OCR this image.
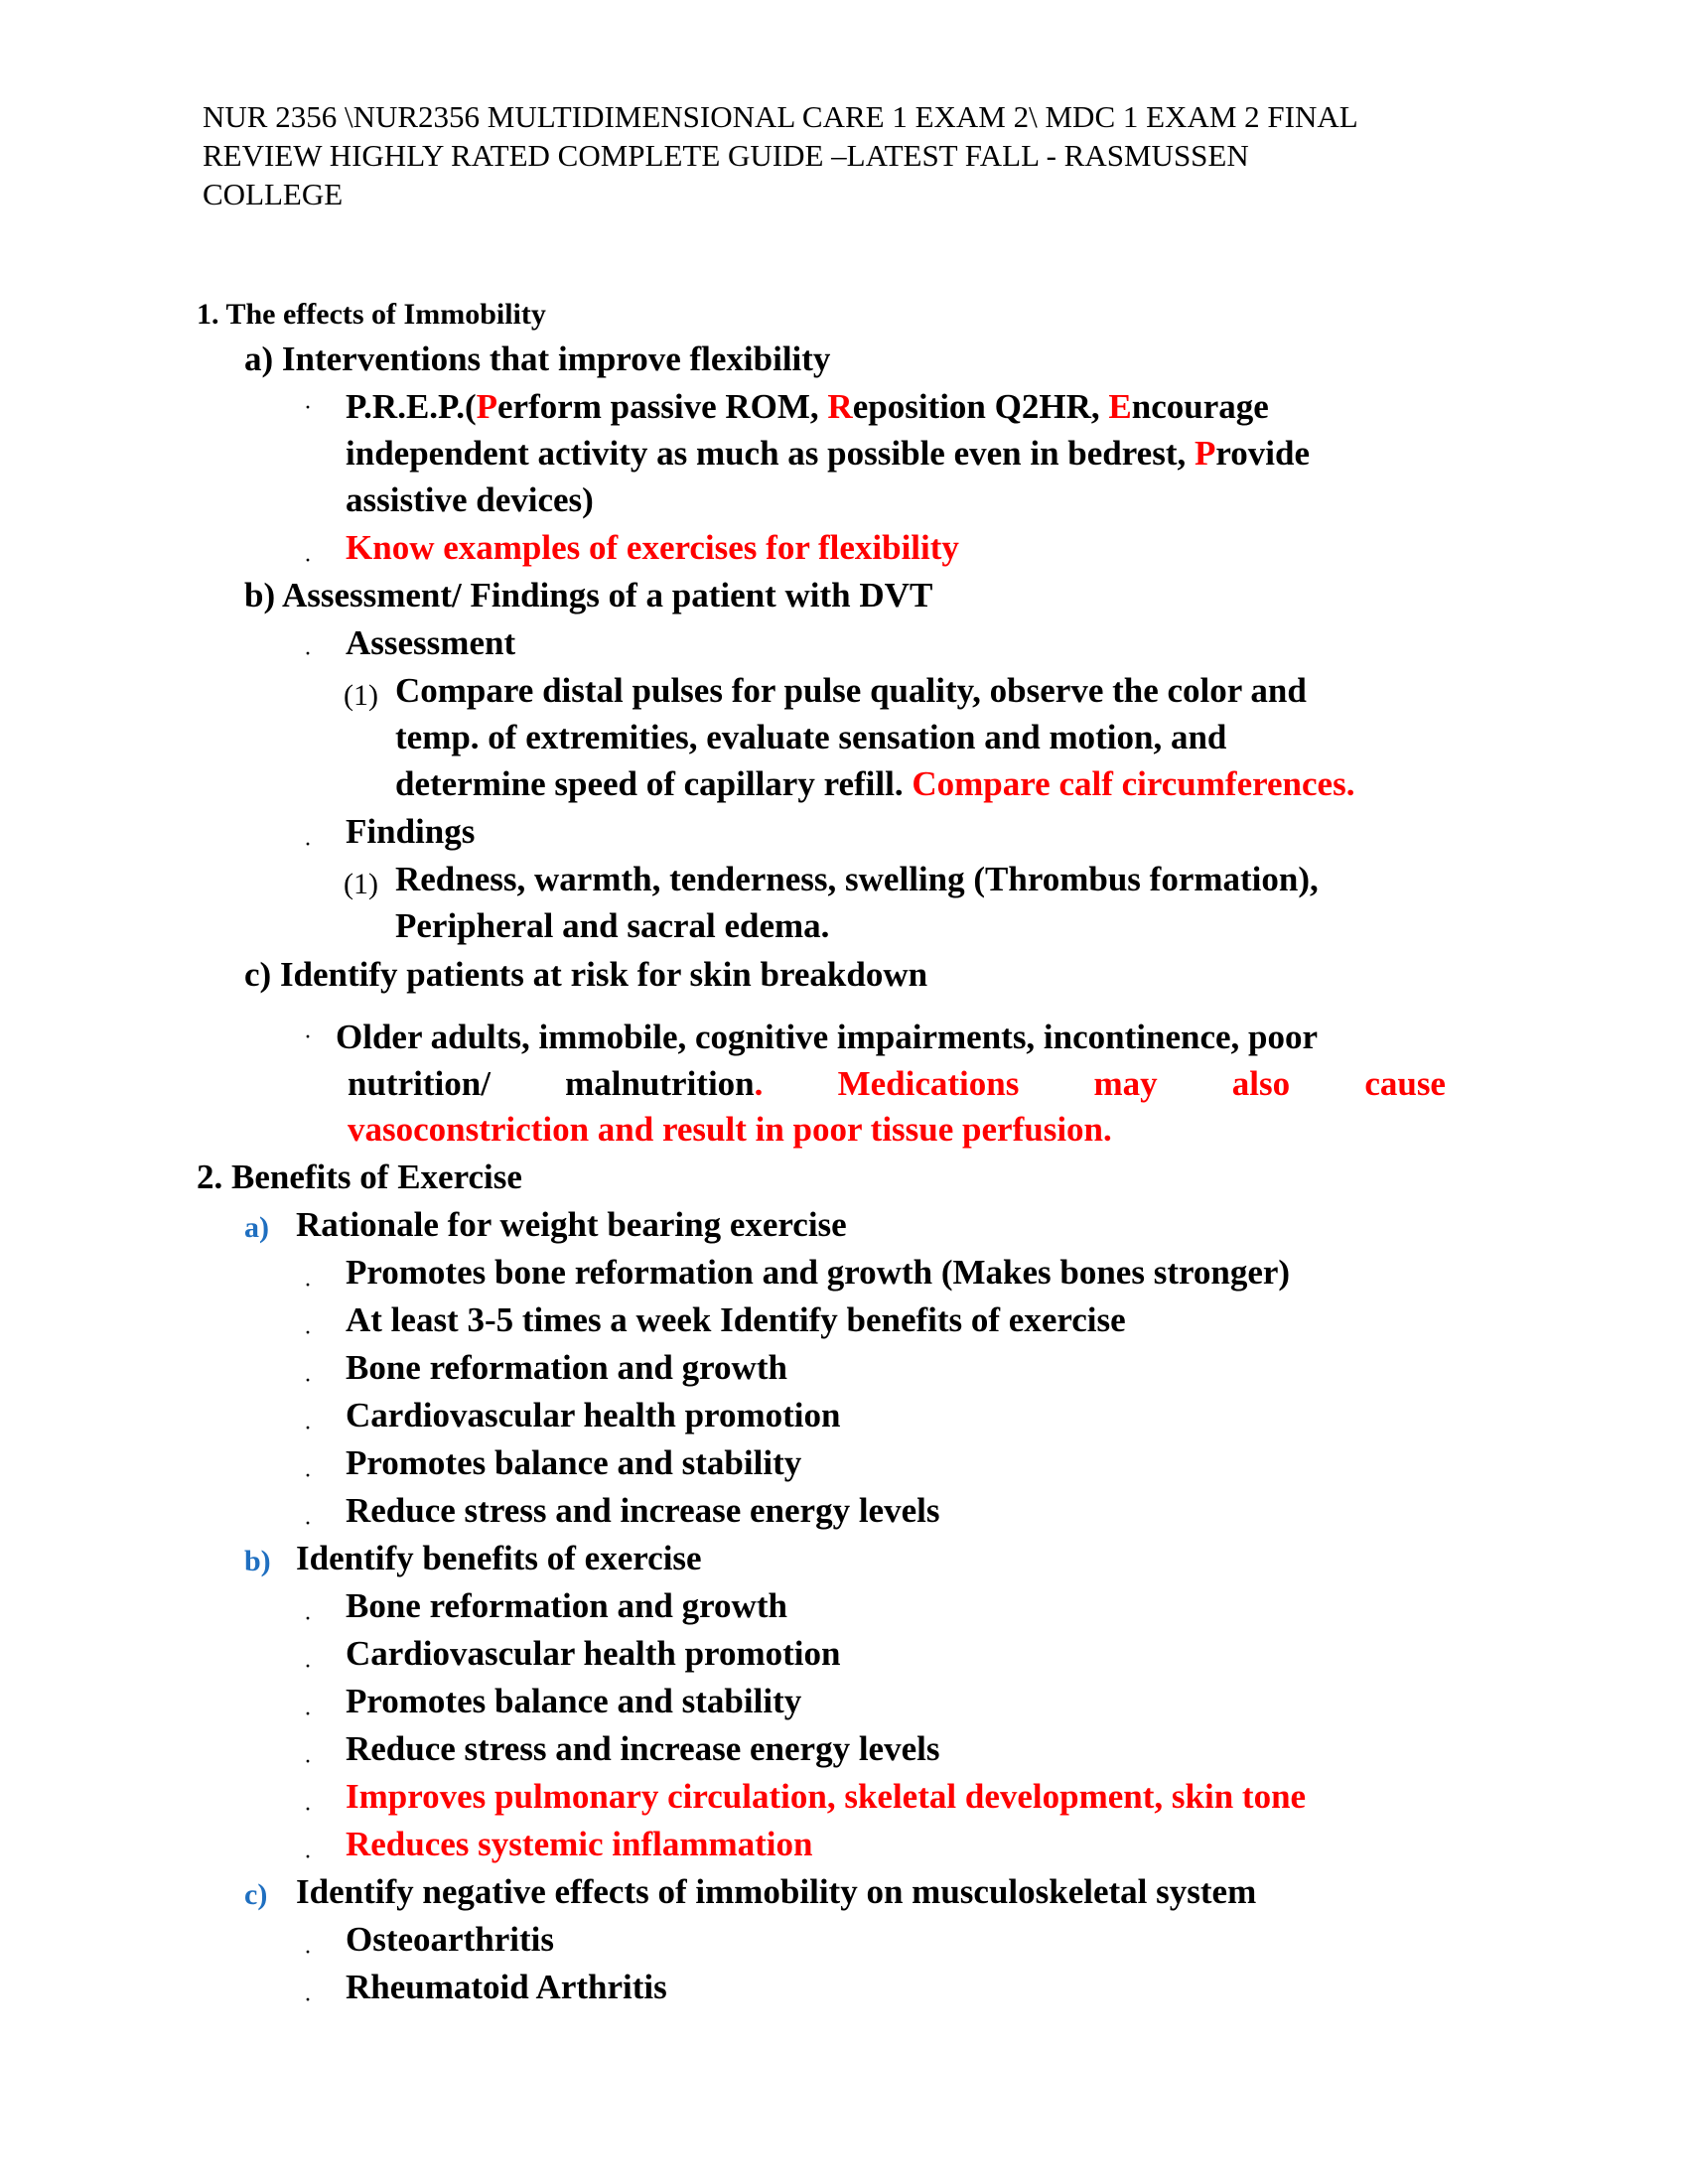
NUR 2356 \NUR2356 MULTIDIMENSIONAL CARE 1 EXAM 2\ MDC 1 EXAM 2 FINAL
REVIEW HIGHLY RATED COMPLETE GUIDE –LATEST FALL - RASMUSSEN
COLLEGE
1. The effects of Immobility
a) Interventions that improve flexibility
· P.R.E.P.(Perform passive ROM, Reposition Q2HR, Encourage
independent activity as much as possible even in bedrest, Provide
assistive devices)
· Know examples of exercises for flexibility
b) Assessment/ Findings of a patient with DVT
· Assessment
(1) Compare distal pulses for pulse quality, observe the color and
temp. of extremities, evaluate sensation and motion, and
determine speed of capillary refill. Compare calf circumferences.
· Findings
(1) Redness, warmth, tenderness, swelling (Thrombus formation),
Peripheral and sacral edema.
c) Identify patients at risk for skin breakdown
· Older adults, immobile, cognitive impairments, incontinence, poor
nutrition/ malnutrition. Medications may also cause
vasoconstriction and result in poor tissue perfusion.
2. Benefits of Exercise
a) Rationale for weight bearing exercise
· Promotes bone reformation and growth (Makes bones stronger)
· At least 3-5 times a week Identify benefits of exercise
· Bone reformation and growth
· Cardiovascular health promotion
· Promotes balance and stability
· Reduce stress and increase energy levels
b) Identify benefits of exercise
· Bone reformation and growth
· Cardiovascular health promotion
· Promotes balance and stability
· Reduce stress and increase energy levels
· Improves pulmonary circulation, skeletal development, skin tone
· Reduces systemic inflammation
c) Identify negative effects of immobility on musculoskeletal system
· Osteoarthritis
· Rheumatoid Arthritis
